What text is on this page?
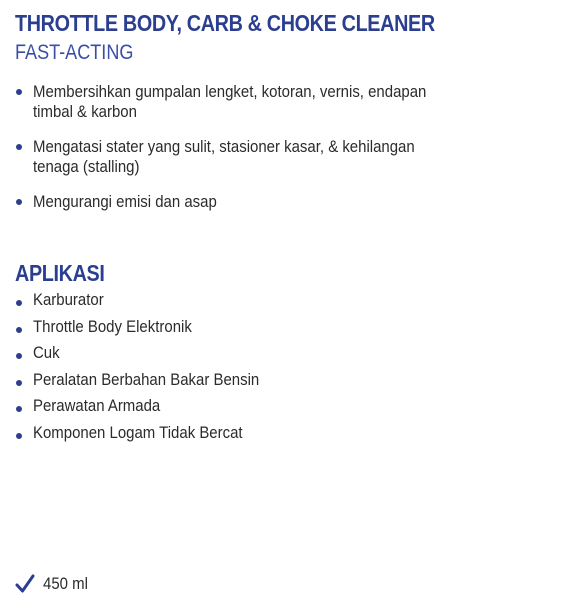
THROTTLE BODY, CARB & CHOKE CLEANER
FAST-ACTING
Membersihkan gumpalan lengket, kotoran, vernis, endapan timbal & karbon
Mengatasi stater yang sulit, stasioner kasar, & kehilangan tenaga (stalling)
Mengurangi emisi dan asap
APLIKASI
Karburator
Throttle Body Elektronik
Cuk
Peralatan Berbahan Bakar Bensin
Perawatan Armada
Komponen Logam Tidak Bercat
450 ml
